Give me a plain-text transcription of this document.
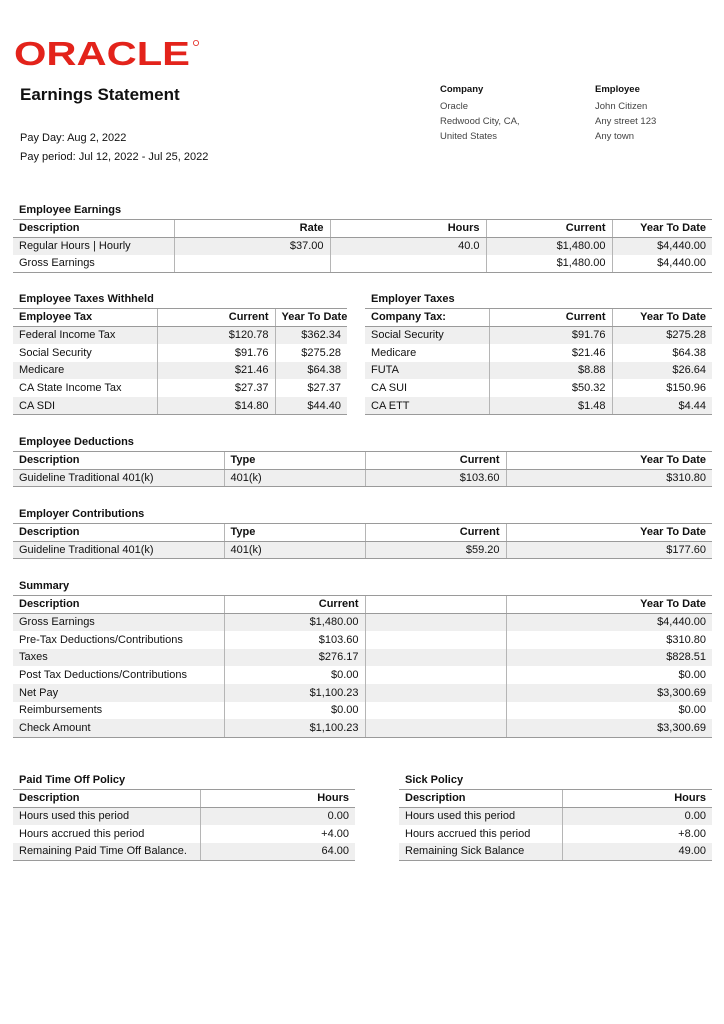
ORACLE
Earnings Statement
Pay Day: Aug 2, 2022
Pay period: Jul 12, 2022 - Jul 25, 2022
Company
Oracle
Redwood City, CA,
United States
Employee
John Citizen
Any street 123
Any town
Employee Earnings
Description	Rate	Hours	Current	Year To Date
Regular Hours | Hourly	$37.00	40.0	$1,480.00	$4,440.00
Gross Earnings			$1,480.00	$4,440.00
Employee Taxes Withheld
Employee Tax	Current	Year To Date
Federal Income Tax	$120.78	$362.34
Social Security	$91.76	$275.28
Medicare	$21.46	$64.38
CA State Income Tax	$27.37	$27.37
CA SDI	$14.80	$44.40
Employer Taxes
Company Tax:	Current	Year To Date
Social Security	$91.76	$275.28
Medicare	$21.46	$64.38
FUTA	$8.88	$26.64
CA SUI	$50.32	$150.96
CA ETT	$1.48	$4.44
Employee Deductions
Description	Type	Current	Year To Date
Guideline Traditional 401(k)	401(k)	$103.60	$310.80
Employer Contributions
Description	Type	Current	Year To Date
Guideline Traditional 401(k)	401(k)	$59.20	$177.60
Summary
Description	Current		Year To Date
Gross Earnings	$1,480.00		$4,440.00
Pre-Tax Deductions/Contributions	$103.60		$310.80
Taxes	$276.17		$828.51
Post Tax Deductions/Contributions	$0.00		$0.00
Net Pay	$1,100.23		$3,300.69
Reimbursements	$0.00		$0.00
Check Amount	$1,100.23		$3,300.69
Paid Time Off Policy
Description	Hours
Hours used this period	0.00
Hours accrued this period	+4.00
Remaining Paid Time Off Balance.	64.00
Sick Policy
Description	Hours
Hours used this period	0.00
Hours accrued this period	+8.00
Remaining Sick Balance	49.00
